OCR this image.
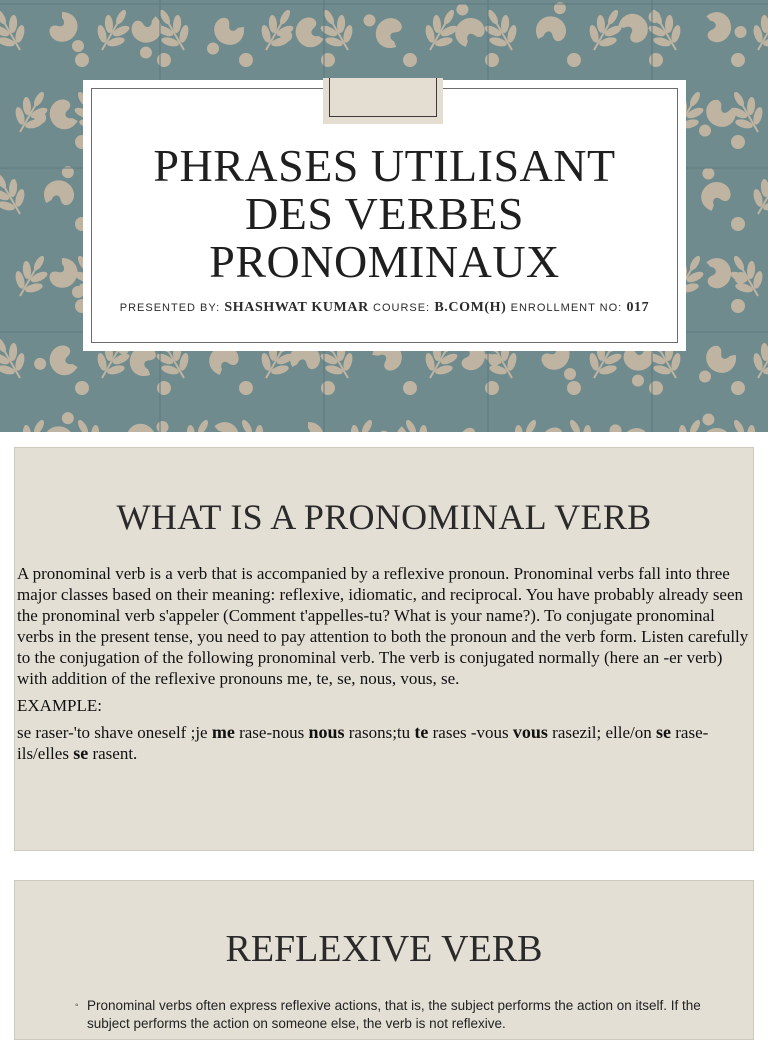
PHRASES UTILISANT
DES VERBES
PRONOMINAUX
PRESENTED BY: SHASHWAT KUMAR COURSE: B.COM(H) ENROLLMENT NO: 017
WHAT IS A PRONOMINAL VERB

A pronominal verb is a verb that is accompanied by a reflexive pronoun. Pronominal verbs fall into three major classes based on their meaning: reflexive, idiomatic, and reciprocal. You have probably already seen the pronominal verb s'appeler (Comment t'appelles-tu? What is your name?). To conjugate pronominal verbs in the present tense, you need to pay attention to both the pronoun and the verb form. Listen carefully to the conjugation of the following pronominal verb. The verb is conjugated normally (here an -er verb) with addition of the reflexive pronouns me, te, se, nous, vous, se.

EXAMPLE:

se raser-'to shave oneself ;je me rase-nous nous rasons;tu te rases -vous vous rasezil; elle/on se rase-ils/elles se rasent.

REFLEXIVE VERB
◦ Pronominal verbs often express reflexive actions, that is, the subject performs the action on itself. If the subject performs the action on someone else, the verb is not reflexive.
